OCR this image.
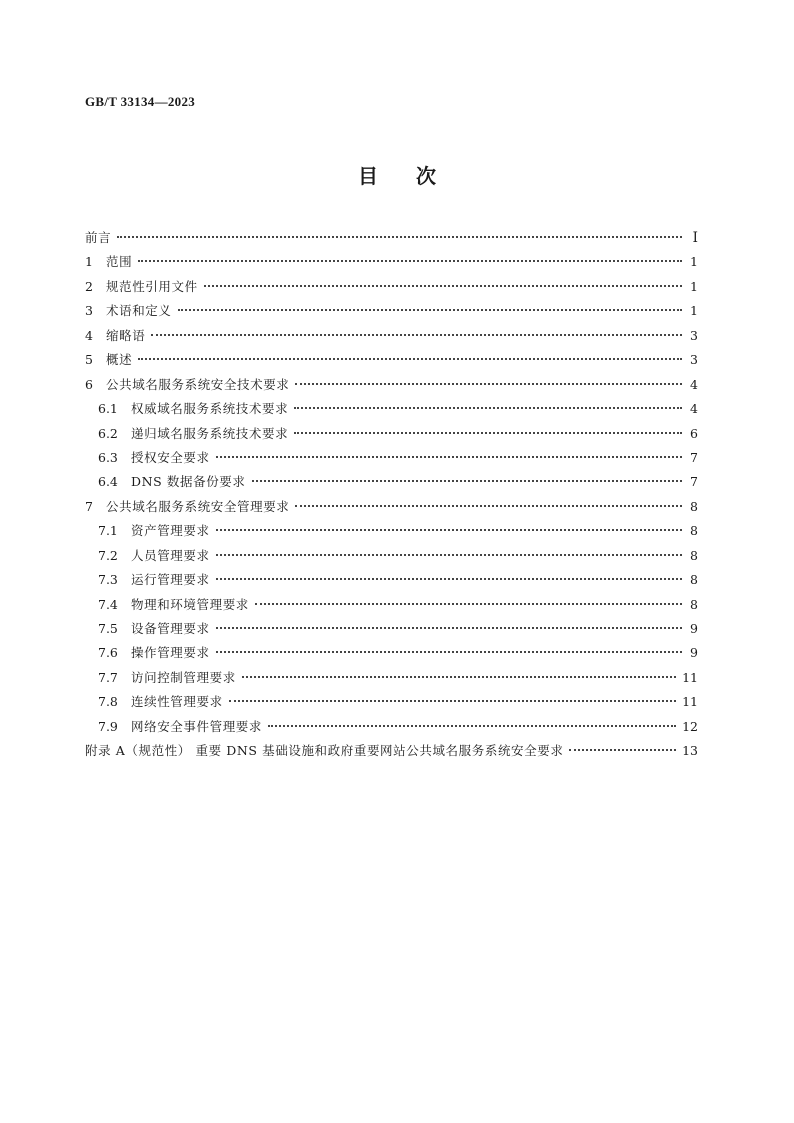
GB/T 33134—2023
目 次
前言	I
1	范围	1
2	规范性引用文件	1
3	术语和定义	1
4	缩略语	3
5	概述	3
6	公共域名服务系统安全技术要求	4
6.1	权威域名服务系统技术要求	4
6.2	递归域名服务系统技术要求	6
6.3	授权安全要求	7
6.4	DNS 数据备份要求	7
7	公共域名服务系统安全管理要求	8
7.1	资产管理要求	8
7.2	人员管理要求	8
7.3	运行管理要求	8
7.4	物理和环境管理要求	8
7.5	设备管理要求	9
7.6	操作管理要求	9
7.7	访问控制管理要求	11
7.8	连续性管理要求	11
7.9	网络安全事件管理要求	12
附录 A（规范性） 重要 DNS 基础设施和政府重要网站公共域名服务系统安全要求	13
